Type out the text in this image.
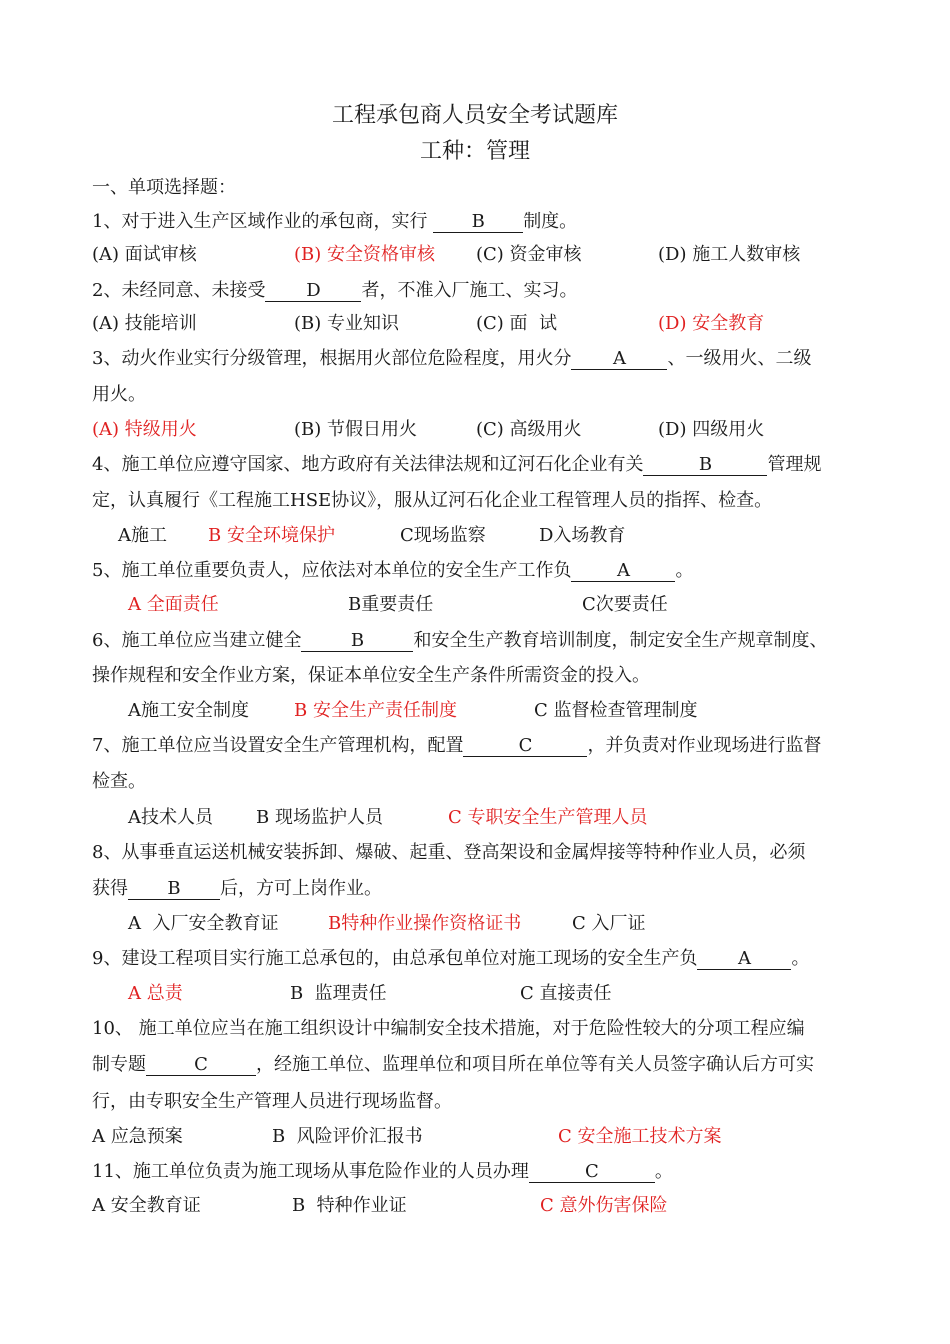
工程承包商人员安全考试题库
工种：管理
一、单项选择题：
1、对于进入生产区域作业的承包商，实行 B 制度。
(A) 面试审核	(B) 安全资格审核 (C) 资金审核	(D) 施工人数审核
2、未经同意、未接受 D 者，不准入厂施工、实习。
(A) 技能培训	(B) 专业知识	(C) 面  试	(D) 安全教育
3、动火作业实行分级管理，根据用火部位危险程度，用火分 A 、一级用火、二级
用火。
(A) 特级用火	(B) 节假日用火	(C) 高级用火	(D) 四级用火
4、施工单位应遵守国家、地方政府有关法律法规和辽河石化企业有关	B	管理规
定，认真履行《工程施工HSE协议》，服从辽河石化企业工程管理人员的指挥、检查。
A施工 B 安全环境保护	C现场监察	D入场教育
5、施工单位重要负责人，应依法对本单位的安全生产工作负	A	。
A 全面责任	B重要责任	C次要责任
6、施工单位应当建立健全	B	和安全生产教育培训制度，制定安全生产规章制度、
操作规程和安全作业方案，保证本单位安全生产条件所需资金的投入。
A施工安全制度	B 安全生产责任制度	C 监督检查管理制度
7、施工单位应当设置安全生产管理机构，配置	C	，并负责对作业现场进行监督
检查。
A技术人员 B 现场监护人员	C 专职安全生产管理人员
8、从事垂直运送机械安装拆卸、爆破、起重、登高架设和金属焊接等特种作业人员，必须
获得 B 后，方可上岗作业。
A  入厂安全教育证	B特种作业操作资格证书	C 入厂证
9、建设工程项目实行施工总承包的，由总承包单位对施工现场的安全生产负 A 。
A 总责	B  监理责任	C 直接责任
10、 施工单位应当在施工组织设计中编制安全技术措施，对于危险性较大的分项工程应编
制专题	C	，经施工单位、监理单位和项目所在单位等有关人员签字确认后方可实
行，由专职安全生产管理人员进行现场监督。
A 应急预案	B  风险评价汇报书	C 安全施工技术方案
11、施工单位负责为施工现场从事危险作业的人员办理	C	。
A 安全教育证	B  特种作业证	C 意外伤害保险
